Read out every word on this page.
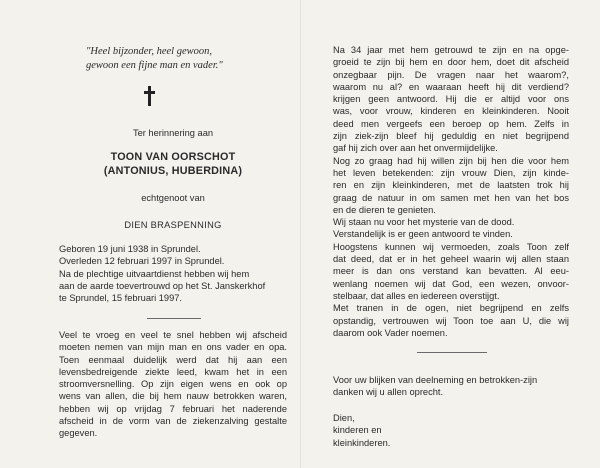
"Heel bijzonder, heel gewoon,
gewoon een fijne man en vader."
Ter herinnering aan
TOON VAN OORSCHOT
(ANTONIUS, HUBERDINA)
echtgenoot van
DIEN BRASPENNING
Geboren 19 juni 1938 in Sprundel.
Overleden 12 februari 1997 in Sprundel.
Na de plechtige uitvaartdienst hebben wij hem
aan de aarde toevertrouwd op het St. Janskerkhof
te Sprundel, 15 februari 1997.
Veel te vroeg en veel te snel hebben wij afscheid
moeten nemen van mijn man en ons vader en opa.
Toen eenmaal duidelijk werd dat hij aan een
levensbedreigende ziekte leed, kwam het in een
stroomversnelling. Op zijn eigen wens en ook op
wens van allen, die bij hem nauw betrokken waren,
hebben wij op vrijdag 7 februari het naderende
afscheid in de vorm van de ziekenzalving gestalte
gegeven.
Na 34 jaar met hem getrouwd te zijn en na opge-
groeid te zijn bij hem en door hem, doet dit afscheid
onzegbaar pijn. De vragen naar het waarom?,
waarom nu al? en waaraan heeft hij dit verdiend?
krijgen geen antwoord. Hij die er altijd voor ons
was, voor vrouw, kinderen en kleinkinderen. Nooit
deed men vergeefs een beroep op hem. Zelfs in
zijn ziek-zijn bleef hij geduldig en niet begrijpend
gaf hij zich over aan het onvermijdelijke.
Nog zo graag had hij willen zijn bij hen die voor hem
het leven betekenden: zijn vrouw Dien, zijn kinde-
ren en zijn kleinkinderen, met de laatsten trok hij
graag de natuur in om samen met hen van het bos
en de dieren te genieten.
Wij staan nu voor het mysterie van de dood.
Verstandelijk is er geen antwoord te vinden.
Hoogstens kunnen wij vermoeden, zoals Toon zelf
dat deed, dat er in het geheel waarin wij allen staan
meer is dan ons verstand kan bevatten. Al eeu-
wenlang noemen wij dat God, een wezen, onvoor-
stelbaar, dat alles en iedereen overstijgt.
Met tranen in de ogen, niet begrijpend en zelfs
opstandig, vertrouwen wij Toon toe aan U, die wij
daarom ook Vader noemen.
Voor uw blijken van deelneming en betrokken-zijn
danken wij u allen oprecht.
Dien,
kinderen en
kleinkinderen.
